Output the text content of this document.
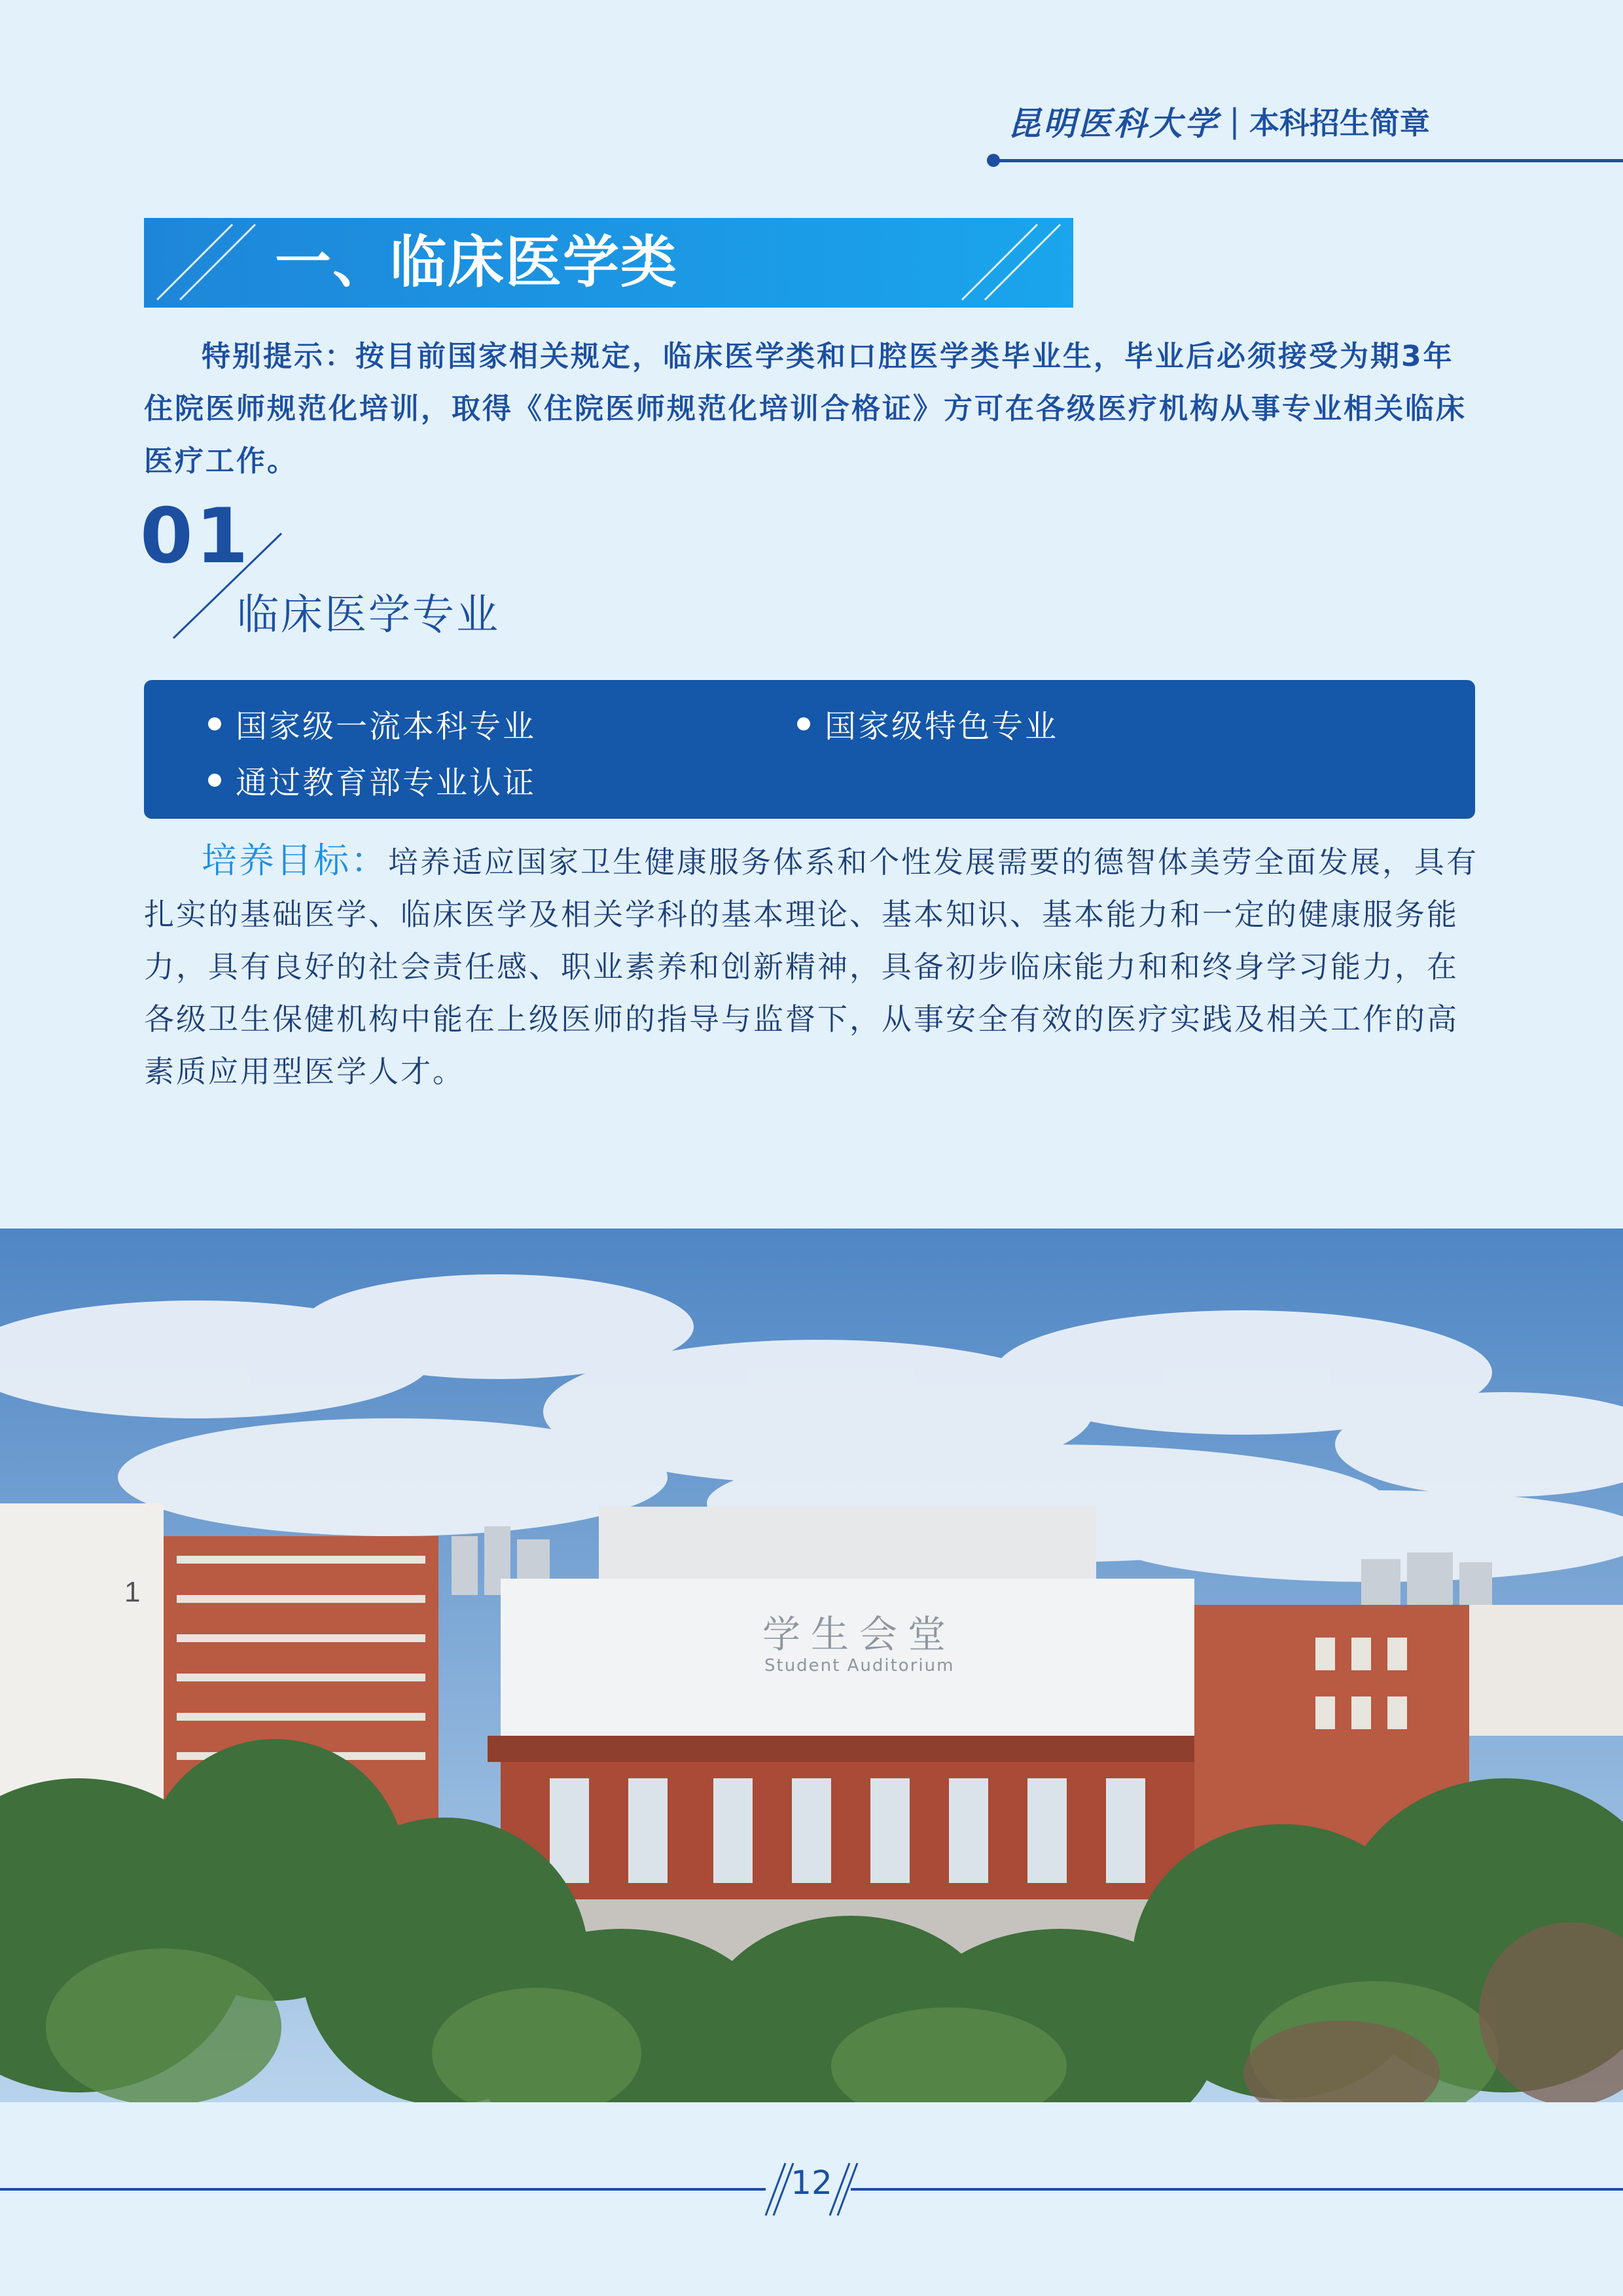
昆明医科大学 | 本科招生简章
一、临床医学类
特别提示：按目前国家相关规定，临床医学类和口腔医学类毕业生，毕业后必须接受为期3年住院医师规范化培训，取得《住院医师规范化培训合格证》方可在各级医疗机构从事专业相关临床医疗工作。
01
临床医学专业
国家级一流本科专业	国家级特色专业
通过教育部专业认证
培养目标：培养适应国家卫生健康服务体系和个性发展需要的德智体美劳全面发展，具有扎实的基础医学、临床医学及相关学科的基本理论、基本知识、基本能力和一定的健康服务能力，具有良好的社会责任感、职业素养和创新精神，具备初步临床能力和和终身学习能力，在各级卫生保健机构中能在上级医师的指导与监督下，从事安全有效的医疗实践及相关工作的高素质应用型医学人才。
1
学生会堂
Student Auditorium
12
